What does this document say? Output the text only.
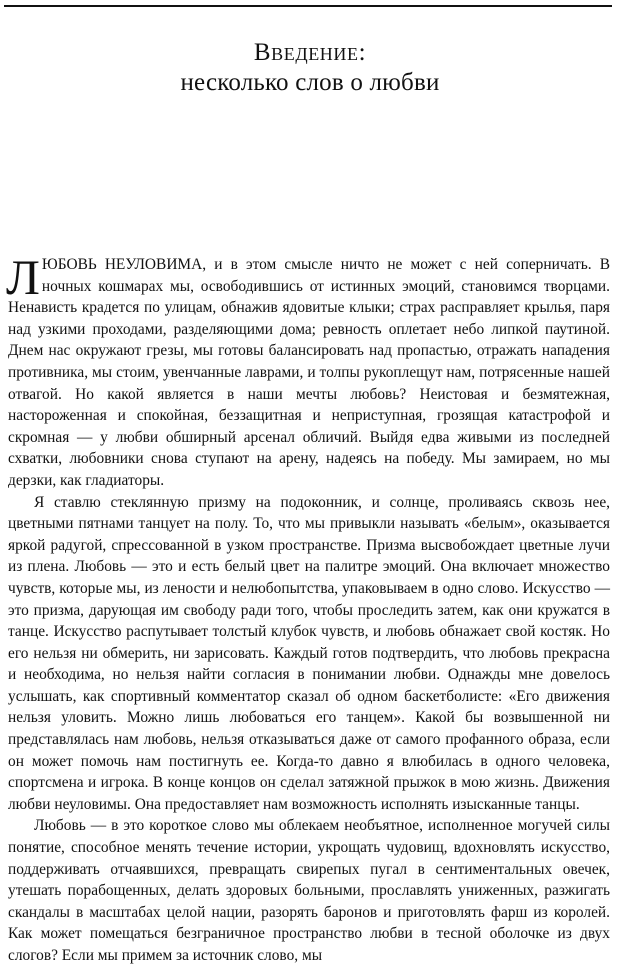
Введение:
несколько слов о любви

ЛЮБОВЬ НЕУЛОВИМА, и в этом смысле ничто не может с ней соперничать. В ночных кошмарах мы, освободившись от истинных эмоций, становимся творцами. Ненависть крадется по улицам, обнажив ядовитые клыки; страх расправляет крылья, паря над узкими проходами, разделяющими дома; ревность оплетает небо липкой паутиной. Днем нас окружают грезы, мы готовы балансировать над пропастью, отражать нападения противника, мы стоим, увенчанные лаврами, и толпы рукоплещут нам, потрясенные нашей отвагой. Но какой является в наши мечты любовь? Неистовая и безмятежная, настороженная и спокойная, беззащитная и неприступная, грозящая катастрофой и скромная — у любви обширный арсенал обличий. Выйдя едва живыми из последней схватки, любовники снова ступают на арену, надеясь на победу. Мы замираем, но мы дерзки, как гладиаторы.

Я ставлю стеклянную призму на подоконник, и солнце, проливаясь сквозь нее, цветными пятнами танцует на полу. То, что мы привыкли называть «белым», оказывается яркой радугой, спрессованной в узком пространстве. Призма высвобождает цветные лучи из плена. Любовь — это и есть белый цвет на палитре эмоций. Она включает множество чувств, которые мы, из лености и нелюбопытства, упаковываем в одно слово. Искусство — это призма, дарующая им свободу ради того, чтобы проследить затем, как они кружатся в танце. Искусство распутывает толстый клубок чувств, и любовь обнажает свой костяк. Но его нельзя ни обмерить, ни зарисовать. Каждый готов подтвердить, что любовь прекрасна и необходима, но нельзя найти согласия в понимании любви. Однажды мне довелось услышать, как спортивный комментатор сказал об одном баскетболисте: «Его движения нельзя уловить. Можно лишь любоваться его танцем». Какой бы возвышенной ни представлялась нам любовь, нельзя отказываться даже от самого профанного образа, если он может помочь нам постигнуть ее. Когда-то давно я влюбилась в одного человека, спортсмена и игрока. В конце концов он сделал затяжной прыжок в мою жизнь. Движения любви неуловимы. Она предоставляет нам возможность исполнять изысканные танцы.

Любовь — в это короткое слово мы облекаем необъятное, исполненное могучей силы понятие, способное менять течение истории, укрощать чудовищ, вдохновлять искусство, поддерживать отчаявшихся, превращать свирепых пугал в сентиментальных овечек, утешать порабощенных, делать здоровых больными, прославлять униженных, разжигать скандалы в масштабах целой нации, разорять баронов и приготовлять фарш из королей. Как может помещаться безграничное пространство любви в тесной оболочке из двух слогов? Если мы примем за источник слово, мы
